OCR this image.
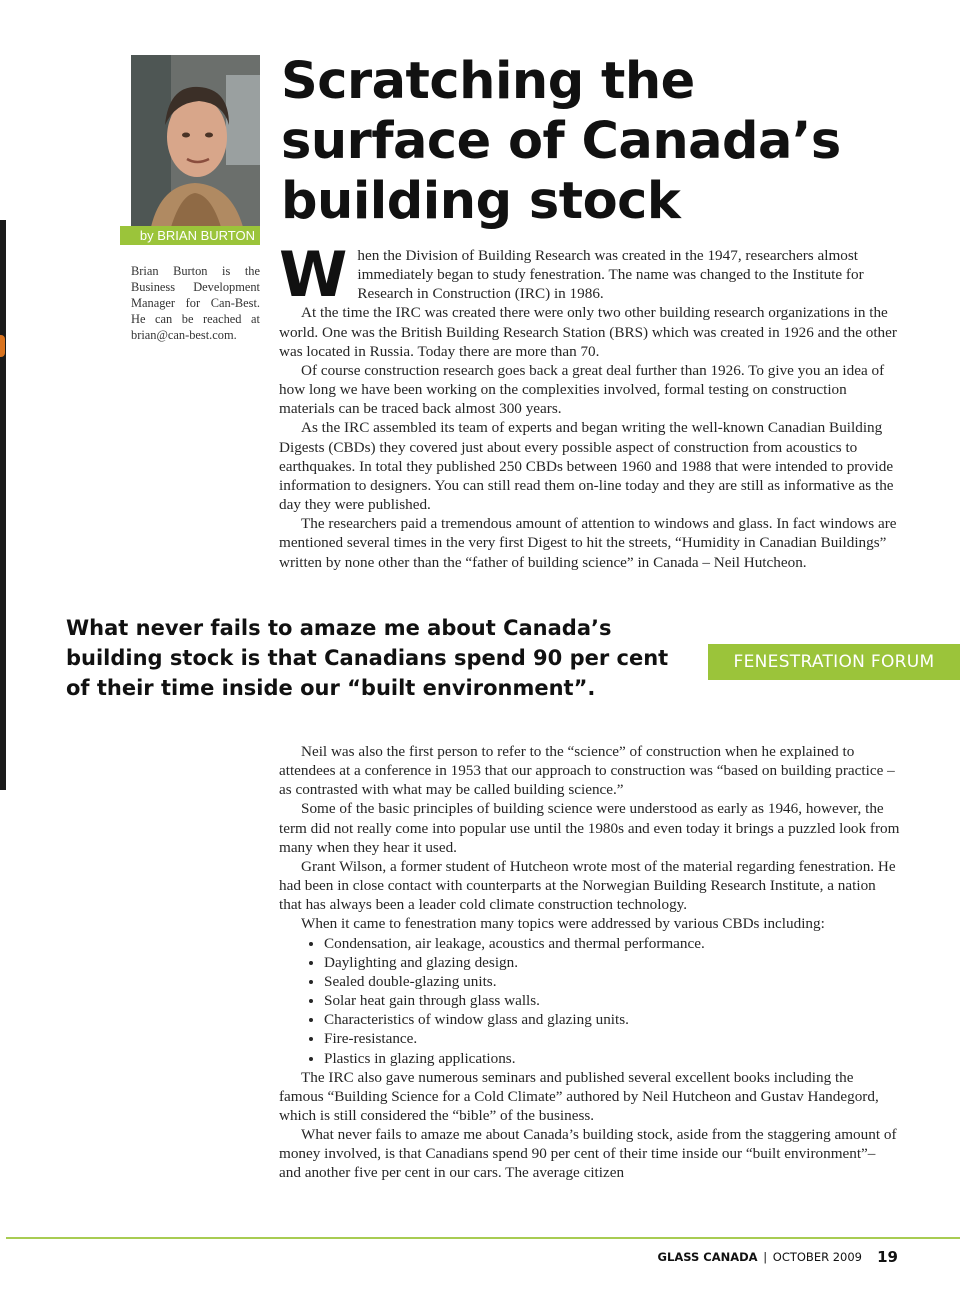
by BRIAN BURTON
Brian Burton is the Business Development Manager for Can-Best. He can be reached at brian@can-best.com.
Scratching the
surface of Canada’s
building stock

When the Division of Building Research was created in the 1947, researchers almost immediately began to study fenestration. The name was changed to the Institute for Research in Construction (IRC) in 1986.

At the time the IRC was created there were only two other building research organizations in the world. One was the British Building Research Station (BRS) which was created in 1926 and the other was located in Russia. Today there are more than 70.

Of course construction research goes back a great deal further than 1926. To give you an idea of how long we have been working on the complexities involved, formal testing on construction materials can be traced back almost 300 years.

As the IRC assembled its team of experts and began writing the well-known Canadian Building Digests (CBDs) they covered just about every possible aspect of construction from acoustics to earthquakes. In total they published 250 CBDs between 1960 and 1988 that were intended to provide information to designers. You can still read them on-line today and they are still as informative as the day they were published.

The researchers paid a tremendous amount of attention to windows and glass. In fact windows are mentioned several times in the very first Digest to hit the streets, “Humidity in Canadian Buildings” written by none other than the “father of building science” in Canada – Neil Hutcheon.

What never fails to amaze me about Canada’s building stock is that Canadians spend 90 per cent of their time inside our “built environment”.

FENESTRATION FORUM

Neil was also the first person to refer to the “science” of construction when he explained to attendees at a conference in 1953 that our approach to construction was “based on building practice – as contrasted with what may be called building science.”

Some of the basic principles of building science were understood as early as 1946, however, the term did not really come into popular use until the 1980s and even today it brings a puzzled look from many when they hear it used.

Grant Wilson, a former student of Hutcheon wrote most of the material regarding fenestration. He had been in close contact with counterparts at the Norwegian Building Research Institute, a nation that has always been a leader cold climate construction technology.

When it came to fenestration many topics were addressed by various CBDs including:

• Condensation, air leakage, acoustics and thermal performance.
• Daylighting and glazing design.
• Sealed double-glazing units.
• Solar heat gain through glass walls.
• Characteristics of window glass and glazing units.
• Fire-resistance.
• Plastics in glazing applications.

The IRC also gave numerous seminars and published several excellent books including the famous “Building Science for a Cold Climate” authored by Neil Hutcheon and Gustav Handegord, which is still considered the “bible” of the business.

What never fails to amaze me about Canada’s building stock, aside from the staggering amount of money involved, is that Canadians spend 90 per cent of their time inside our “built environment”– and another five per cent in our cars. The average citizen

GLASS CANADA | OCTOBER 2009 19
